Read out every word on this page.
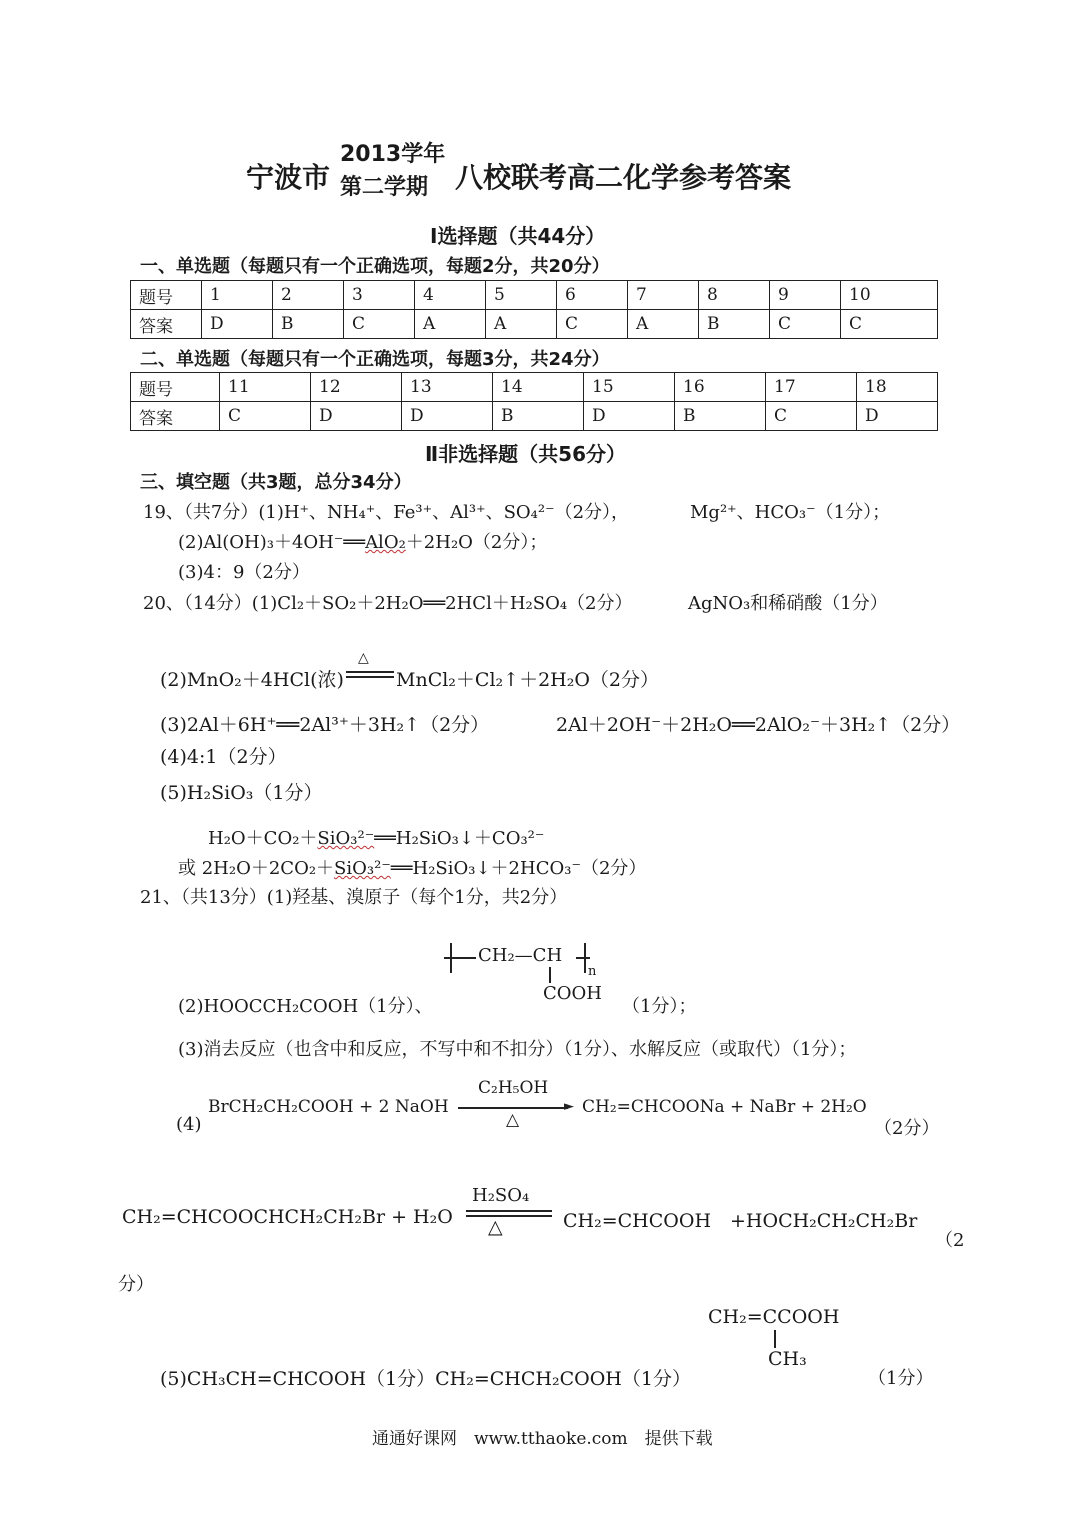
宁波市
2013学年
第二学期 八校联考高二化学参考答案
Ⅰ选择题（共44分）
一、单选题（每题只有一个正确选项，每题2分，共20分）
题号	1	2	3	4	5	6	7	8	9	10
答案	D	B	C	A	A	C	A	B	C	C
二、单选题（每题只有一个正确选项，每题3分，共24分）
题号	11	12	13	14	15	16	17	18
答案	C	D	D	B	D	B	C	D
Ⅱ非选择题（共56分）
三、填空题（共3题，总分34分）
19、（共7分）(1)H⁺、NH₄⁺、Fe³⁺、Al³⁺、SO₄²⁻（2分），	Mg²⁺、HCO₃⁻（1分）；
(2)Al(OH)₃＋4OH⁻══AlO₂＋2H₂O（2分）；
(3)4：9（2分）
20、（14分）(1)Cl₂＋SO₂＋2H₂O══2HCl＋H₂SO₄（2分）	AgNO₃和稀硝酸（1分）
(2)MnO₂＋4HCl(浓)
△
MnCl₂＋Cl₂↑＋2H₂O（2分）
(3)2Al＋6H⁺══2Al³⁺＋3H₂↑（2分）	2Al＋2OH⁻＋2H₂O══2AlO₂⁻＋3H₂↑（2分）
(4)4:1（2分）
(5)H₂SiO₃（1分）
H₂O＋CO₂＋SiO₃²⁻══H₂SiO₃↓＋CO₃²⁻
或 2H₂O＋2CO₂＋SiO₃²⁻══H₂SiO₃↓＋2HCO₃⁻（2分）
21、（共13分）(1)羟基、溴原子（每个1分，共2分）
CH₂—CH
n
COOH
(2)HOOCCH₂COOH（1分）、	（1分）；
(3)消去反应（也含中和反应，不写中和不扣分）（1分）、水解反应（或取代）（1分）；
(4)
BrCH₂CH₂COOH + 2 NaOH
C₂H₅OH
►
△
CH₂=CHCOONa + NaBr + 2H₂O
（2分）
CH₂=CHCOOCHCH₂CH₂Br + H₂O
H₂SO₄
△	CH₂=CHCOOH　+HOCH₂CH₂CH₂Br
（2
分）
CH₂=CCOOH
CH₃
(5)CH₃CH=CHCOOH（1分）CH₂=CHCH₂COOH（1分）	（1分）
通通好课网　www.tthaoke.com　提供下载
